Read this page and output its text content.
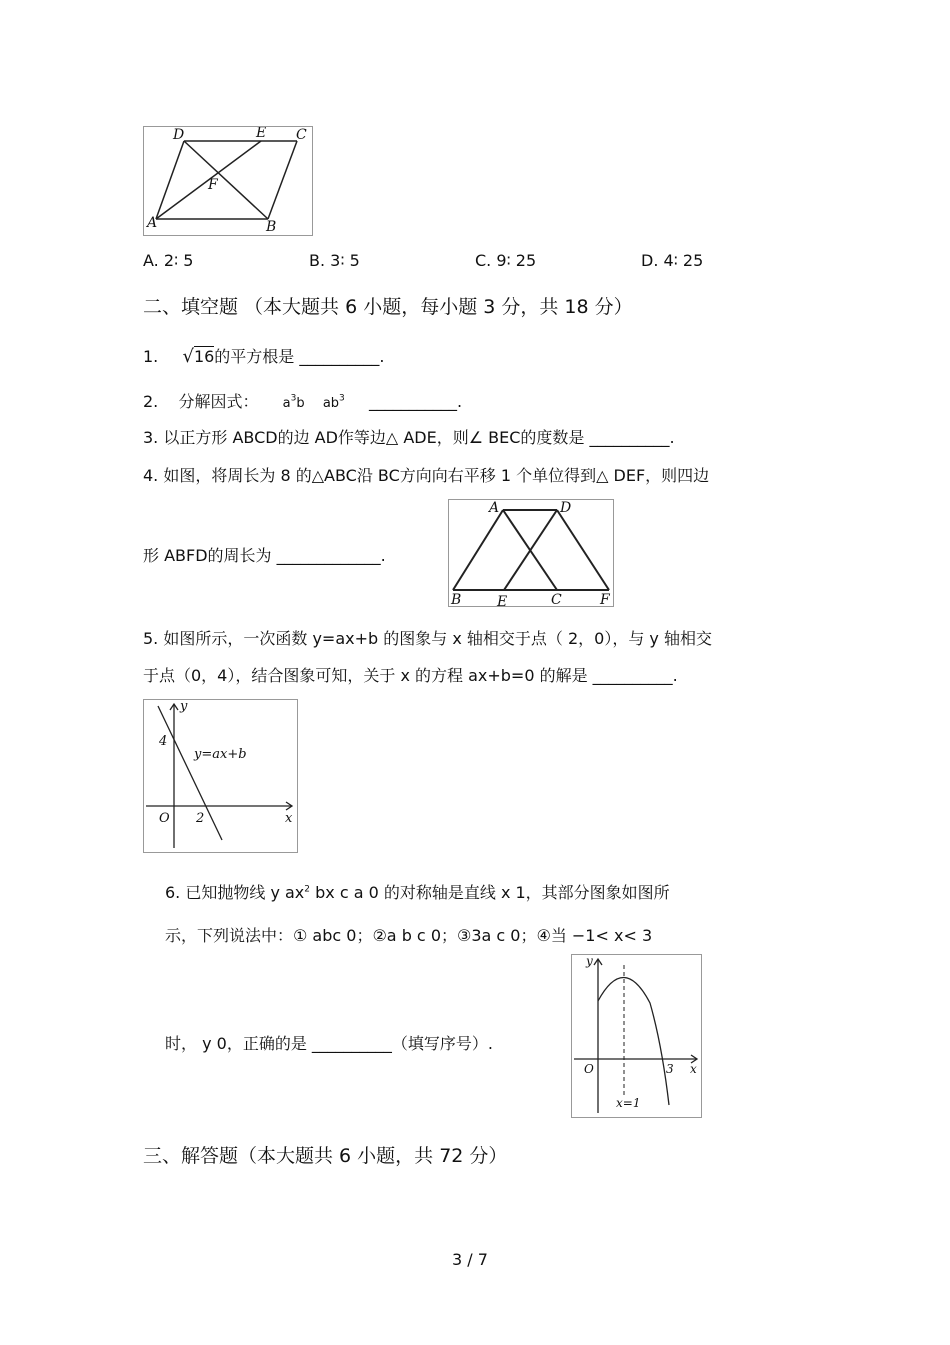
D	E C
F
A	B
A. 2∶ 5	B. 3∶ 5	C. 9∶ 25	D. 4∶ 25
二、填空题 （本大题共 6 小题，每小题 3 分，共 18 分）
1. √16的平方根是 __________.
2. 分解因式： $a^3b$ $ab^3$ ___________.
3. 以正方形 ABCD的边 AD作等边△ ADE，则∠ BEC的度数是 __________.
4. 如图，将周长为 8 的△ABC沿 BC方向向右平移 1 个单位得到△ DEF，则四边
形 ABFD的周长为 _____________.
A	D
B	E	C	F
5. 如图所示，一次函数 y=ax+b 的图象与 x 轴相交于点（ 2，0），与 y 轴相交
于点（0，4），结合图象可知，关于 x 的方程 ax+b=0 的解是 __________.
y
x
4
O 2
y=ax+b
6. 已知抛物线 y $ax^2$ bx c a 0 的对称轴是直线 x 1，其部分图象如图所
示，下列说法中：① abc 0；②a b c 0；③3a c 0；④当 −1< x< 3
时， y 0，正确的是 __________（填写序号）.
y
x
O	3
x=1
三、解答题（本大题共 6 小题，共 72 分）
3 / 7
